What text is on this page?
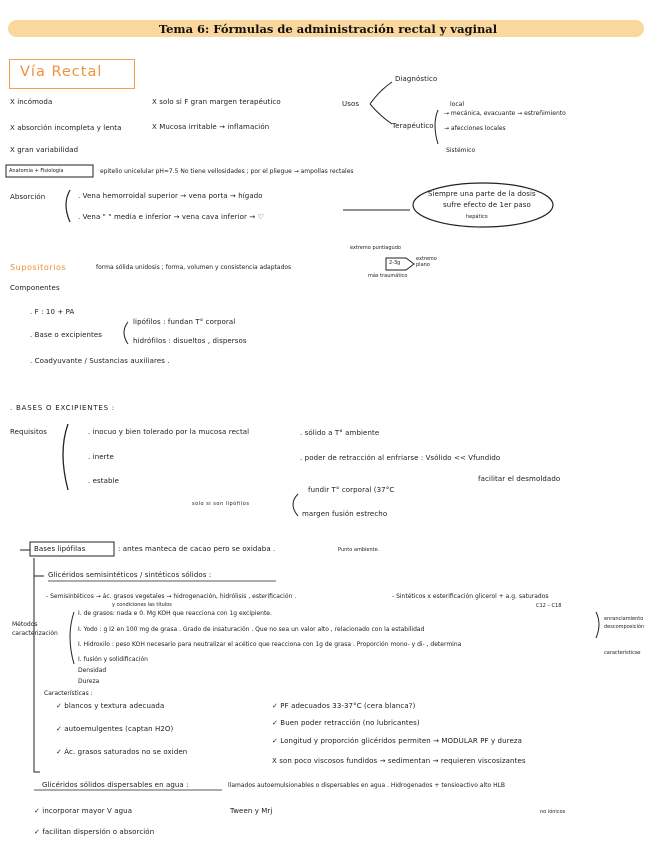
Tema 6: Fórmulas de administración rectal y vaginal
Vía Rectal
X incómoda	X solo si F gran margen terapéutico
X absorción incompleta y lenta	X Mucosa irritable → inflamación
X gran variabilidad
Usos
Diagnóstico
Terapéutico
local
→ mecánica, evacuante → estreñimiento
→ afecciones locales
Sistémico
Anatomía + Fisiología	epitelio unicelular pH≈7.5 No tiene vellosidades ; por el pliegue → ampollas rectales
Absorción	. Vena hemorroidal superior → vena porta → hígado
. Vena " " media e inferior → vena cava inferior → ♡
Siempre una parte de la dosis
sufre efecto de 1er paso
hepático
Supositorios	forma sólida unidosis ; forma, volumen y consistencia adaptados
extremo puntiagudo
2-3g
extremo plano
más traumático
Componentes
. F : 10 + PA
. Base o excipientes
lipófilos : fundan T° corporal
hidrófilos : disueltos , dispersos
. Coadyuvante / Sustancias auxiliares .
. BASES O EXCIPIENTES :
Requisitos	. inocuo y bien tolerado por la mucosa rectal
. inerte
. estable
. sólido a T° ambiente
. poder de retracción al enfriarse : Vsólido << Vfundido
facilitar el desmoldado
solo si son lipófilos
fundir T° corporal (37°C
margen fusión estrecho
Bases lipófilas	: antes manteca de cacao pero se oxidaba .	Punto ambiente.
Glicéridos semisintéticos / sintéticos sólidos :
- Semisintéticos → ác. grasos vegetales → hidrogenación, hidrólisis , esterificación .	- Sintéticos x esterificación glicerol + a.g. saturados
C12 – C18
y condiciones las títulos
Métodos caracterización
I. de grasos: nada e 0. Mg KOH que reacciona con 1g excipiente.
I. Yodo : g I2 en 100 mg de grasa . Grado de insaturación . Que no sea un valor alto , relacionado con la estabilidad
enranciamiento descomposición
I. Hidroxilo : peso KOH necesario para neutralizar el acético que reacciona con 1g de grasa . Proporción mono- y di- , determina
características
I. fusión y solidificación
Densidad
Dureza
Características :
✓ blancos y textura adecuada
✓ autoemulgentes (captan H2O)
✓ Ác. grasos saturados no se oxiden
✓ PF adecuados 33-37°C (cera blanca?)
✓ Buen poder retracción (no lubricantes)
✓ Longitud y proporción glicéridos permiten → MODULAR PF y dureza
X son poco viscosos fundidos → sedimentan → requieren viscosizantes
Glicéridos sólidos dispersables en agua :	llamados autoemulsionables o dispersables en agua . Hidrogenados + tensioactivo alto HLB
✓ incorporar mayor V agua	Tween y Mrj	no iónicos
✓ facilitan dispersión o absorción
